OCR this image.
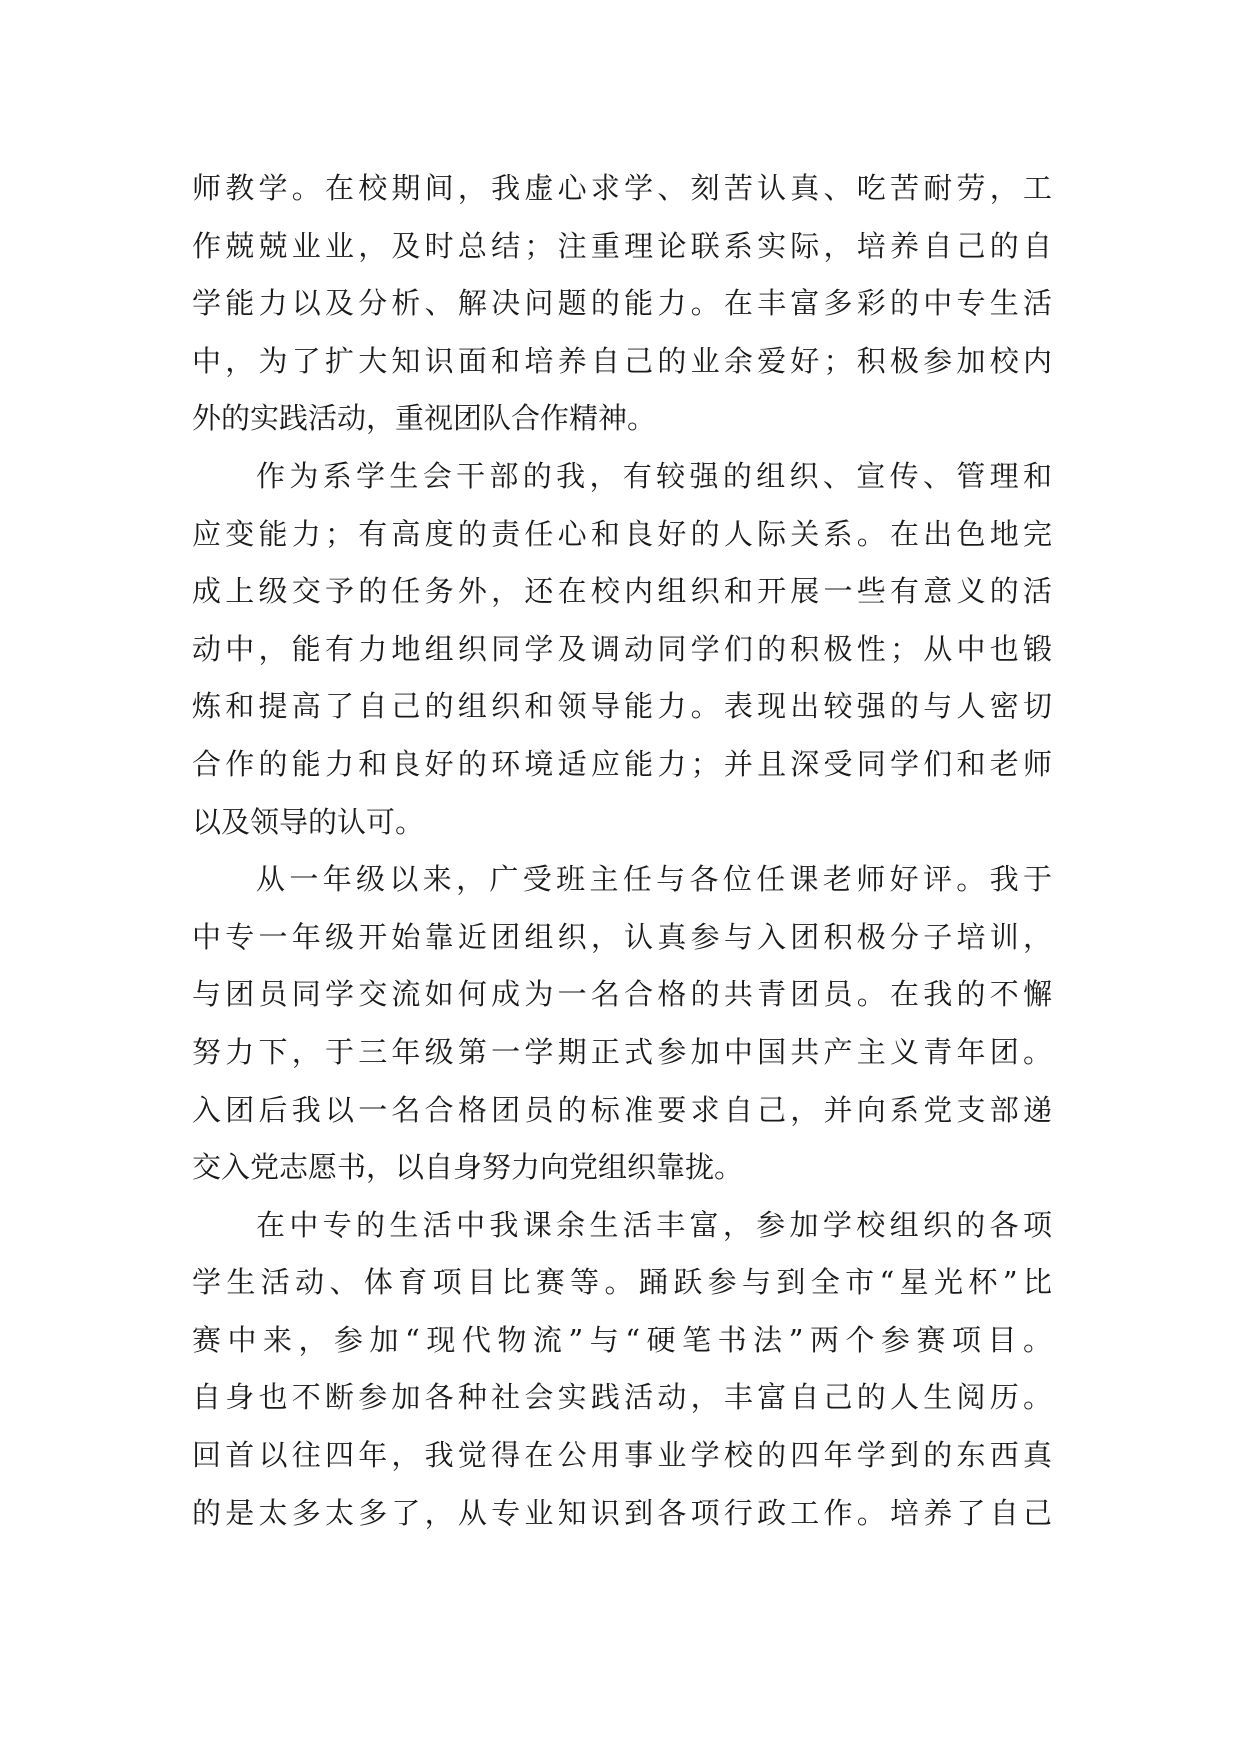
师教学。在校期间，我虚心求学、刻苦认真、吃苦耐劳，工
作兢兢业业，及时总结；注重理论联系实际，培养自己的自
学能力以及分析、解决问题的能力。在丰富多彩的中专生活
中，为了扩大知识面和培养自己的业余爱好；积极参加校内
外的实践活动，重视团队合作精神。
作为系学生会干部的我，有较强的组织、宣传、管理和
应变能力；有高度的责任心和良好的人际关系。在出色地完
成上级交予的任务外，还在校内组织和开展一些有意义的活
动中，能有力地组织同学及调动同学们的积极性；从中也锻
炼和提高了自己的组织和领导能力。表现出较强的与人密切
合作的能力和良好的环境适应能力；并且深受同学们和老师
以及领导的认可。
从一年级以来，广受班主任与各位任课老师好评。我于
中专一年级开始靠近团组织，认真参与入团积极分子培训，
与团员同学交流如何成为一名合格的共青团员。在我的不懈
努力下，于三年级第一学期正式参加中国共产主义青年团。
入团后我以一名合格团员的标准要求自己，并向系党支部递
交入党志愿书，以自身努力向党组织靠拢。
在中专的生活中我课余生活丰富，参加学校组织的各项
学生活动、体育项目比赛等。踊跃参与到全市“星光杯”比
赛中来，参加“现代物流”与“硬笔书法”两个参赛项目。
自身也不断参加各种社会实践活动，丰富自己的人生阅历。
回首以往四年，我觉得在公用事业学校的四年学到的东西真
的是太多太多了，从专业知识到各项行政工作。培养了自己
